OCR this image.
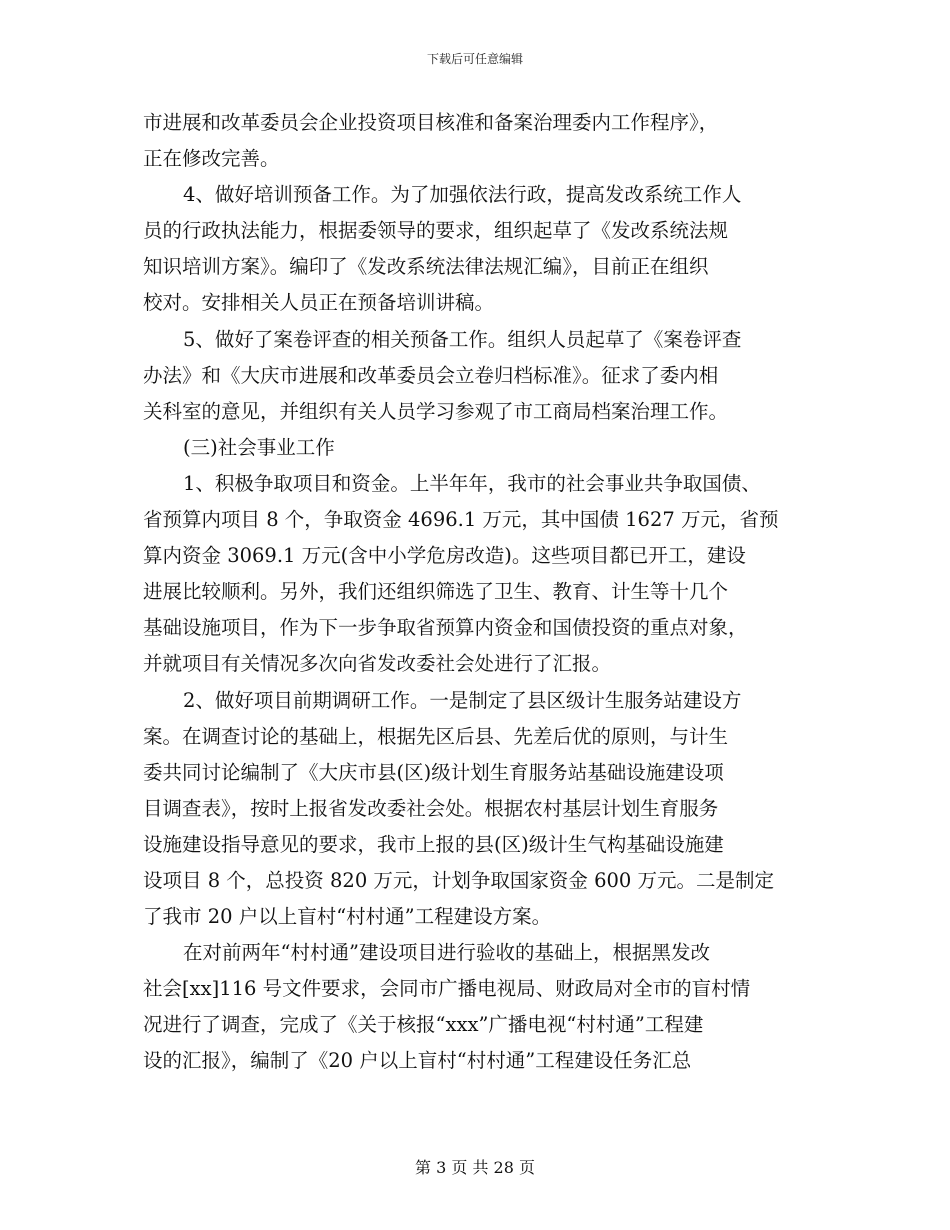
下载后可任意编辑
市进展和改革委员会企业投资项目核准和备案治理委内工作程序》，
正在修改完善。
4、做好培训预备工作。为了加强依法行政，提高发改系统工作人
员的行政执法能力，根据委领导的要求，组织起草了《发改系统法规
知识培训方案》。编印了《发改系统法律法规汇编》，目前正在组织
校对。安排相关人员正在预备培训讲稿。
5、做好了案卷评查的相关预备工作。组织人员起草了《案卷评查
办法》和《大庆市进展和改革委员会立卷归档标准》。征求了委内相
关科室的意见，并组织有关人员学习参观了市工商局档案治理工作。
(三)社会事业工作
1、积极争取项目和资金。上半年年，我市的社会事业共争取国债、
省预算内项目 8 个，争取资金 4696.1 万元，其中国债 1627 万元，省预
算内资金 3069.1 万元(含中小学危房改造)。这些项目都已开工，建设
进展比较顺利。另外，我们还组织筛选了卫生、教育、计生等十几个
基础设施项目，作为下一步争取省预算内资金和国债投资的重点对象，
并就项目有关情况多次向省发改委社会处进行了汇报。
2、做好项目前期调研工作。一是制定了县区级计生服务站建设方
案。在调查讨论的基础上，根据先区后县、先差后优的原则，与计生
委共同讨论编制了《大庆市县(区)级计划生育服务站基础设施建设项
目调查表》，按时上报省发改委社会处。根据农村基层计划生育服务
设施建设指导意见的要求，我市上报的县(区)级计生气构基础设施建
设项目 8 个，总投资 820 万元，计划争取国家资金 600 万元。二是制定
了我市 20 户以上盲村“村村通”工程建设方案。
在对前两年“村村通”建设项目进行验收的基础上，根据黑发改
社会[xx]116 号文件要求，会同市广播电视局、财政局对全市的盲村情
况进行了调查，完成了《关于核报“xxx”广播电视“村村通”工程建
设的汇报》，编制了《20 户以上盲村“村村通”工程建设任务汇总
第 3 页 共 28 页
